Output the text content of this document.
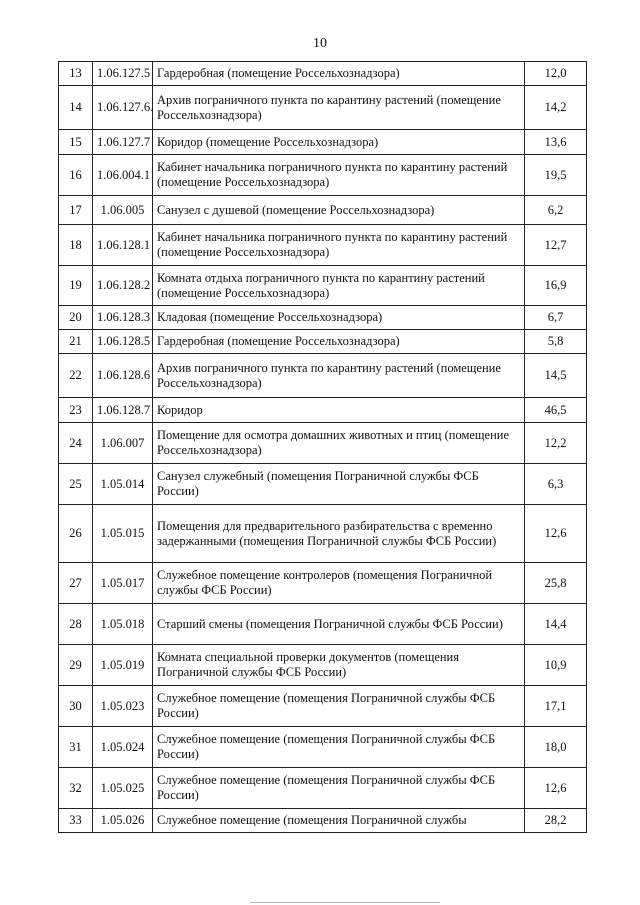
10
13	1.06.127.5	Гардеробная (помещение Россельхознадзора)	12,0
14	1.06.127.6.	Архив пограничного пункта по карантину растений (помещение Россельхознадзора)	14,2
15	1.06.127.7	Коридор (помещение Россельхознадзора)	13,6
16	1.06.004.1	Кабинет начальника пограничного пункта по карантину растений (помещение Россельхознадзора)	19,5
17	1.06.005	Санузел с душевой (помещение Россельхознадзора)	6,2
18	1.06.128.1	Кабинет начальника пограничного пункта по карантину растений (помещение Россельхознадзора)	12,7
19	1.06.128.2	Комната отдыха пограничного пункта по карантину растений (помещение Россельхознадзора)	16,9
20	1.06.128.3	Кладовая (помещение Россельхознадзора)	6,7
21	1.06.128.5	Гардеробная (помещение Россельхознадзора)	5,8
22	1.06.128.6	Архив пограничного пункта по карантину растений (помещение Россельхознадзора)	14,5
23	1.06.128.7	Коридор	46,5
24	1.06.007	Помещение для осмотра домашних животных и птиц (помещение Россельхознадзора)	12,2
25	1.05.014	Санузел служебный (помещения Пограничной службы ФСБ России)	6,3
26	1.05.015	Помещения для предварительного разбирательства с временно задержанными (помещения Пограничной службы ФСБ России)	12,6
27	1.05.017	Служебное помещение контролеров (помещения Пограничной службы ФСБ России)	25,8
28	1.05.018	Старший смены (помещения Пограничной службы ФСБ России)	14,4
29	1.05.019	Комната специальной проверки документов (помещения Пограничной службы ФСБ России)	10,9
30	1.05.023	Служебное помещение (помещения Пограничной службы ФСБ России)	17,1
31	1.05.024	Служебное помещение (помещения Пограничной службы ФСБ России)	18,0
32	1.05.025	Служебное помещение (помещения Пограничной службы ФСБ России)	12,6
33	1.05.026	Служебное помещение (помещения Пограничной службы	28,2
